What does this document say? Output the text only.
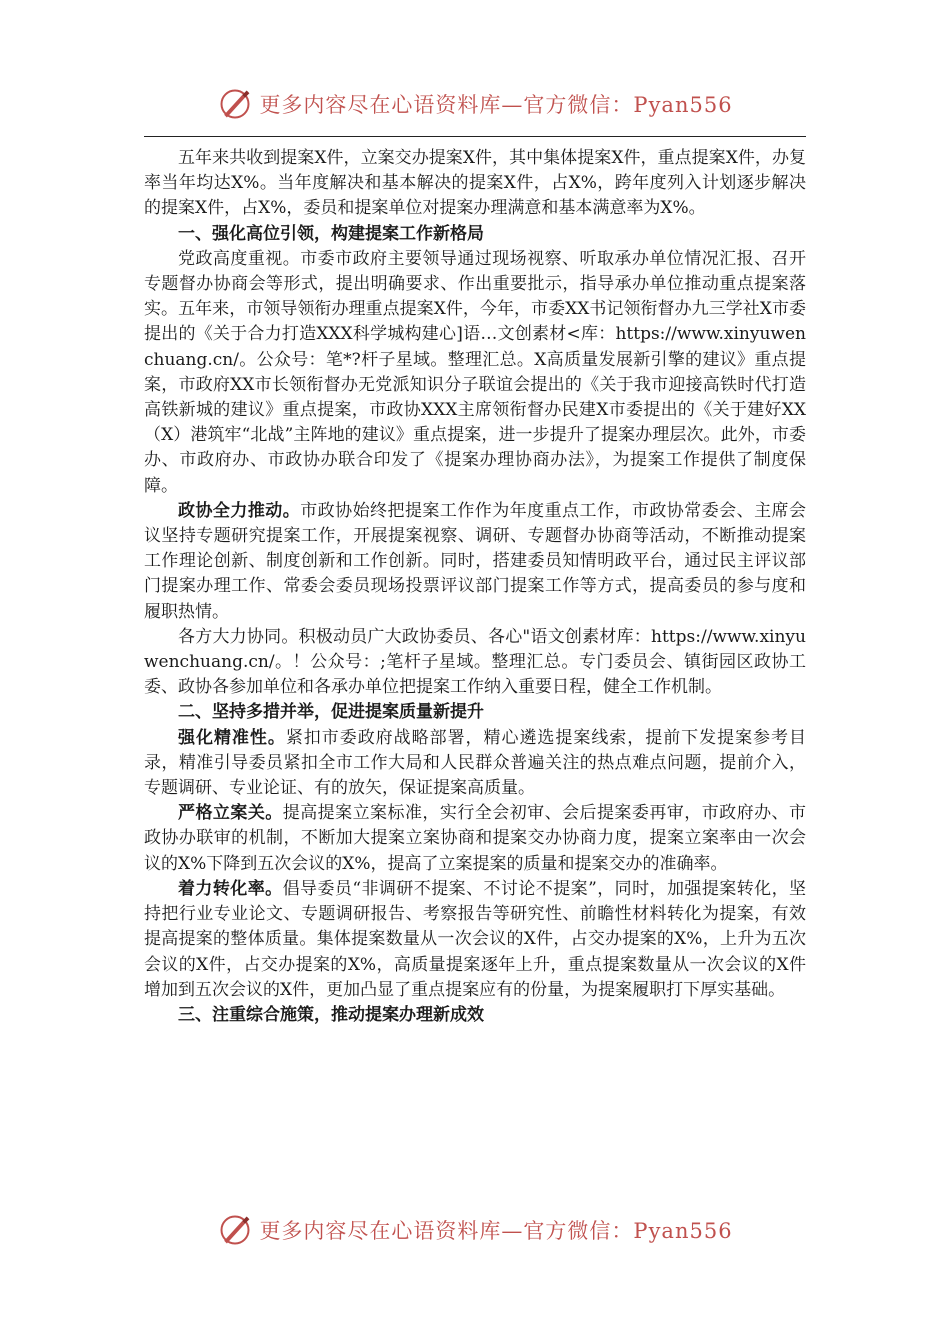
更多内容尽在心语资料库—官方微信：Pyan556

五年来共收到提案X件，立案交办提案X件，其中集体提案X件，重点提案X件，办复率当年均达X%。当年度解决和基本解决的提案X件，占X%，跨年度列入计划逐步解决的提案X件，占X%，委员和提案单位对提案办理满意和基本满意率为X%。

一、强化高位引领，构建提案工作新格局

党政高度重视。市委市政府主要领导通过现场视察、听取承办单位情况汇报、召开专题督办协商会等形式，提出明确要求、作出重要批示，指导承办单位推动重点提案落实。五年来，市领导领衔办理重点提案X件，今年，市委XX书记领衔督办九三学社X市委提出的《关于合力打造XXX科学城构建心]语…文创素材<库：https://www.xinyuwenchuang.cn/。公众号：笔*?杆子星域。整理汇总。X高质量发展新引擎的建议》重点提案，市政府XX市长领衔督办无党派知识分子联谊会提出的《关于我市迎接高铁时代打造高铁新城的建议》重点提案，市政协XXX主席领衔督办民建X市委提出的《关于建好XX（X）港筑牢“北战”主阵地的建议》重点提案，进一步提升了提案办理层次。此外，市委办、市政府办、市政协办联合印发了《提案办理协商办法》，为提案工作提供了制度保障。

政协全力推动。市政协始终把提案工作作为年度重点工作，市政协常委会、主席会议坚持专题研究提案工作，开展提案视察、调研、专题督办协商等活动，不断推动提案工作理论创新、制度创新和工作创新。同时，搭建委员知情明政平台，通过民主评议部门提案办理工作、常委会委员现场投票评议部门提案工作等方式，提高委员的参与度和履职热情。

各方大力协同。积极动员广大政协委员、各心"语文创素材库：https://www.xinyuwenchuang.cn/。！公众号：;笔杆子星域。整理汇总。专门委员会、镇街园区政协工委、政协各参加单位和各承办单位把提案工作纳入重要日程，健全工作机制。

二、坚持多措并举，促进提案质量新提升

强化精准性。紧扣市委政府战略部署，精心遴选提案线索，提前下发提案参考目录，精准引导委员紧扣全市工作大局和人民群众普遍关注的热点难点问题，提前介入，专题调研、专业论证、有的放矢，保证提案高质量。

严格立案关。提高提案立案标准，实行全会初审、会后提案委再审，市政府办、市政协办联审的机制，不断加大提案立案协商和提案交办协商力度，提案立案率由一次会议的X%下降到五次会议的X%，提高了立案提案的质量和提案交办的准确率。

着力转化率。倡导委员“非调研不提案、不讨论不提案”，同时，加强提案转化，坚持把行业专业论文、专题调研报告、考察报告等研究性、前瞻性材料转化为提案，有效提高提案的整体质量。集体提案数量从一次会议的X件，占交办提案的X%，上升为五次会议的X件，占交办提案的X%，高质量提案逐年上升，重点提案数量从一次会议的X件增加到五次会议的X件，更加凸显了重点提案应有的份量，为提案履职打下厚实基础。

三、注重综合施策，推动提案办理新成效

更多内容尽在心语资料库—官方微信：Pyan556
